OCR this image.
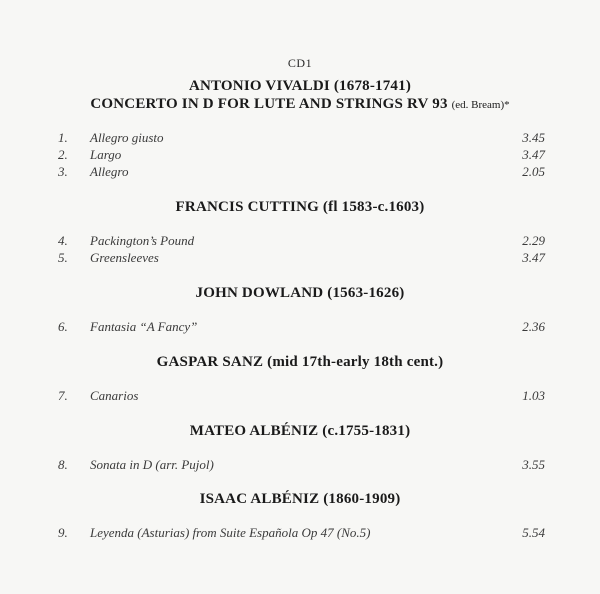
CD1
ANTONIO VIVALDI (1678-1741)
CONCERTO IN D FOR LUTE AND STRINGS RV 93 (ed. Bream)*
1. Allegro giusto	3.45
2. Largo	3.47
3. Allegro	2.05
FRANCIS CUTTING (fl 1583-c.1603)
4. Packington’s Pound	2.29
5. Greensleeves	3.47
JOHN DOWLAND (1563-1626)
6. Fantasia “A Fancy”	2.36
GASPAR SANZ (mid 17th-early 18th cent.)
7. Canarios	1.03
MATEO ALBÉNIZ (c.1755-1831)
8. Sonata in D (arr. Pujol)	3.55
ISAAC ALBÉNIZ (1860-1909)
9. Leyenda (Asturias) from Suite Española Op 47 (No.5)	5.54
